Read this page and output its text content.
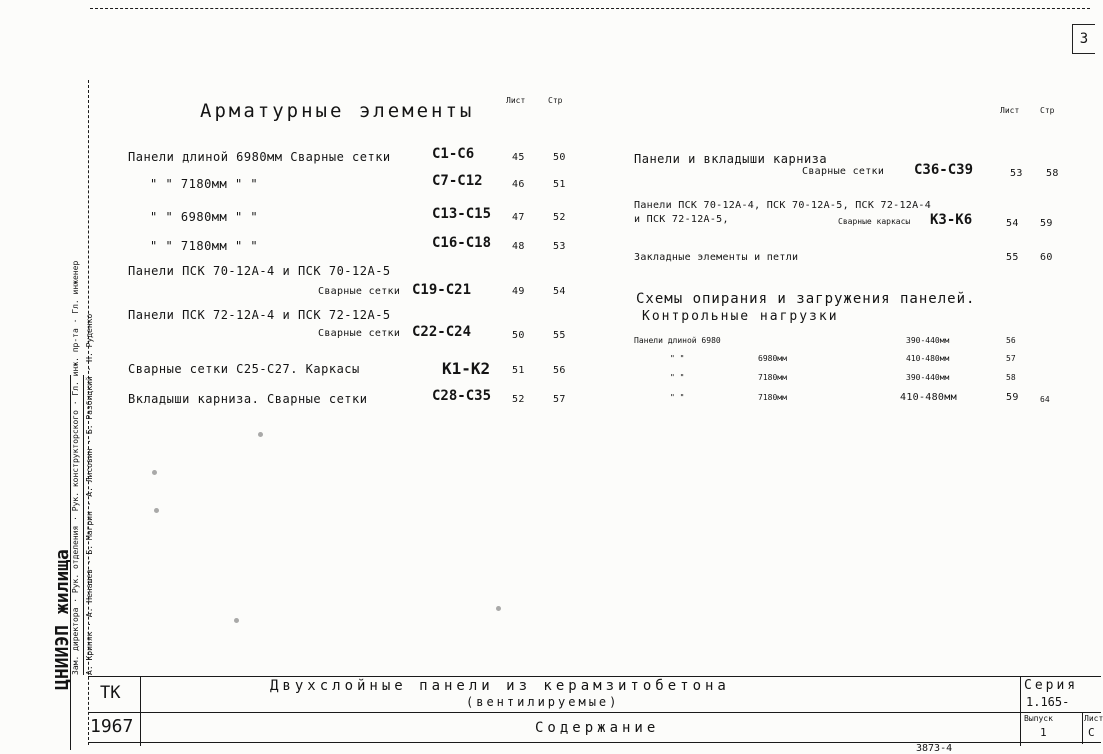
3
Арматурные элементы	Лист	Стр
Лист	Стр
Панели длиной 6980мм Сварные сетки	С1-С6	45	50
" " 7180мм " "	С7-С12	46	51
" " 6980мм " "	С13-С15 47	52
" " 7180мм " "	С16-С18 48	53
Панели ПСК 70-12А-4 и ПСК 70-12А-5
Сварные сетки С19-С21	49	54
Панели ПСК 72-12А-4 и ПСК 72-12А-5
Сварные сетки С22-С24	50	55
Сварные сетки С25-С27. Каркасы	К1-К2 51	56
Вкладыши карниза. Сварные сетки	С28-С35 52	57
Панели и вкладыши карниза
Сварные сетки С36-С39	53 58
Панели ПСК 70-12А-4, ПСК 70-12А-5, ПСК 72-12А-4
и ПСК 72-12А-5,	Сварные каркасы К3-К6	54 59
Закладные элементы и петли	55 60
Схемы опирания и загружения панелей.
Контрольные нагрузки
Панели длиной 6980	390-440мм	56
" "	6980мм	410-480мм	57
" "	7180мм	390-440мм	58
" "	7180мм	410-480мм	59	64
ЦНИИЭП жилища
Зам. директора · Рук. отделения · Рук. конструкторского · Гл. инж. пр-та · Гл. инженер
А. Криняк · А. Ненашев · Б. Магрин · А. Лисовин · Б. Разбицкий · Н. Руденко
ТК
1967
Двухслойные панели из керамзитобетона
(вентилируемые)
Содержание
Серия
1.165-
Выпуск
1
Лист
С
3873-4
